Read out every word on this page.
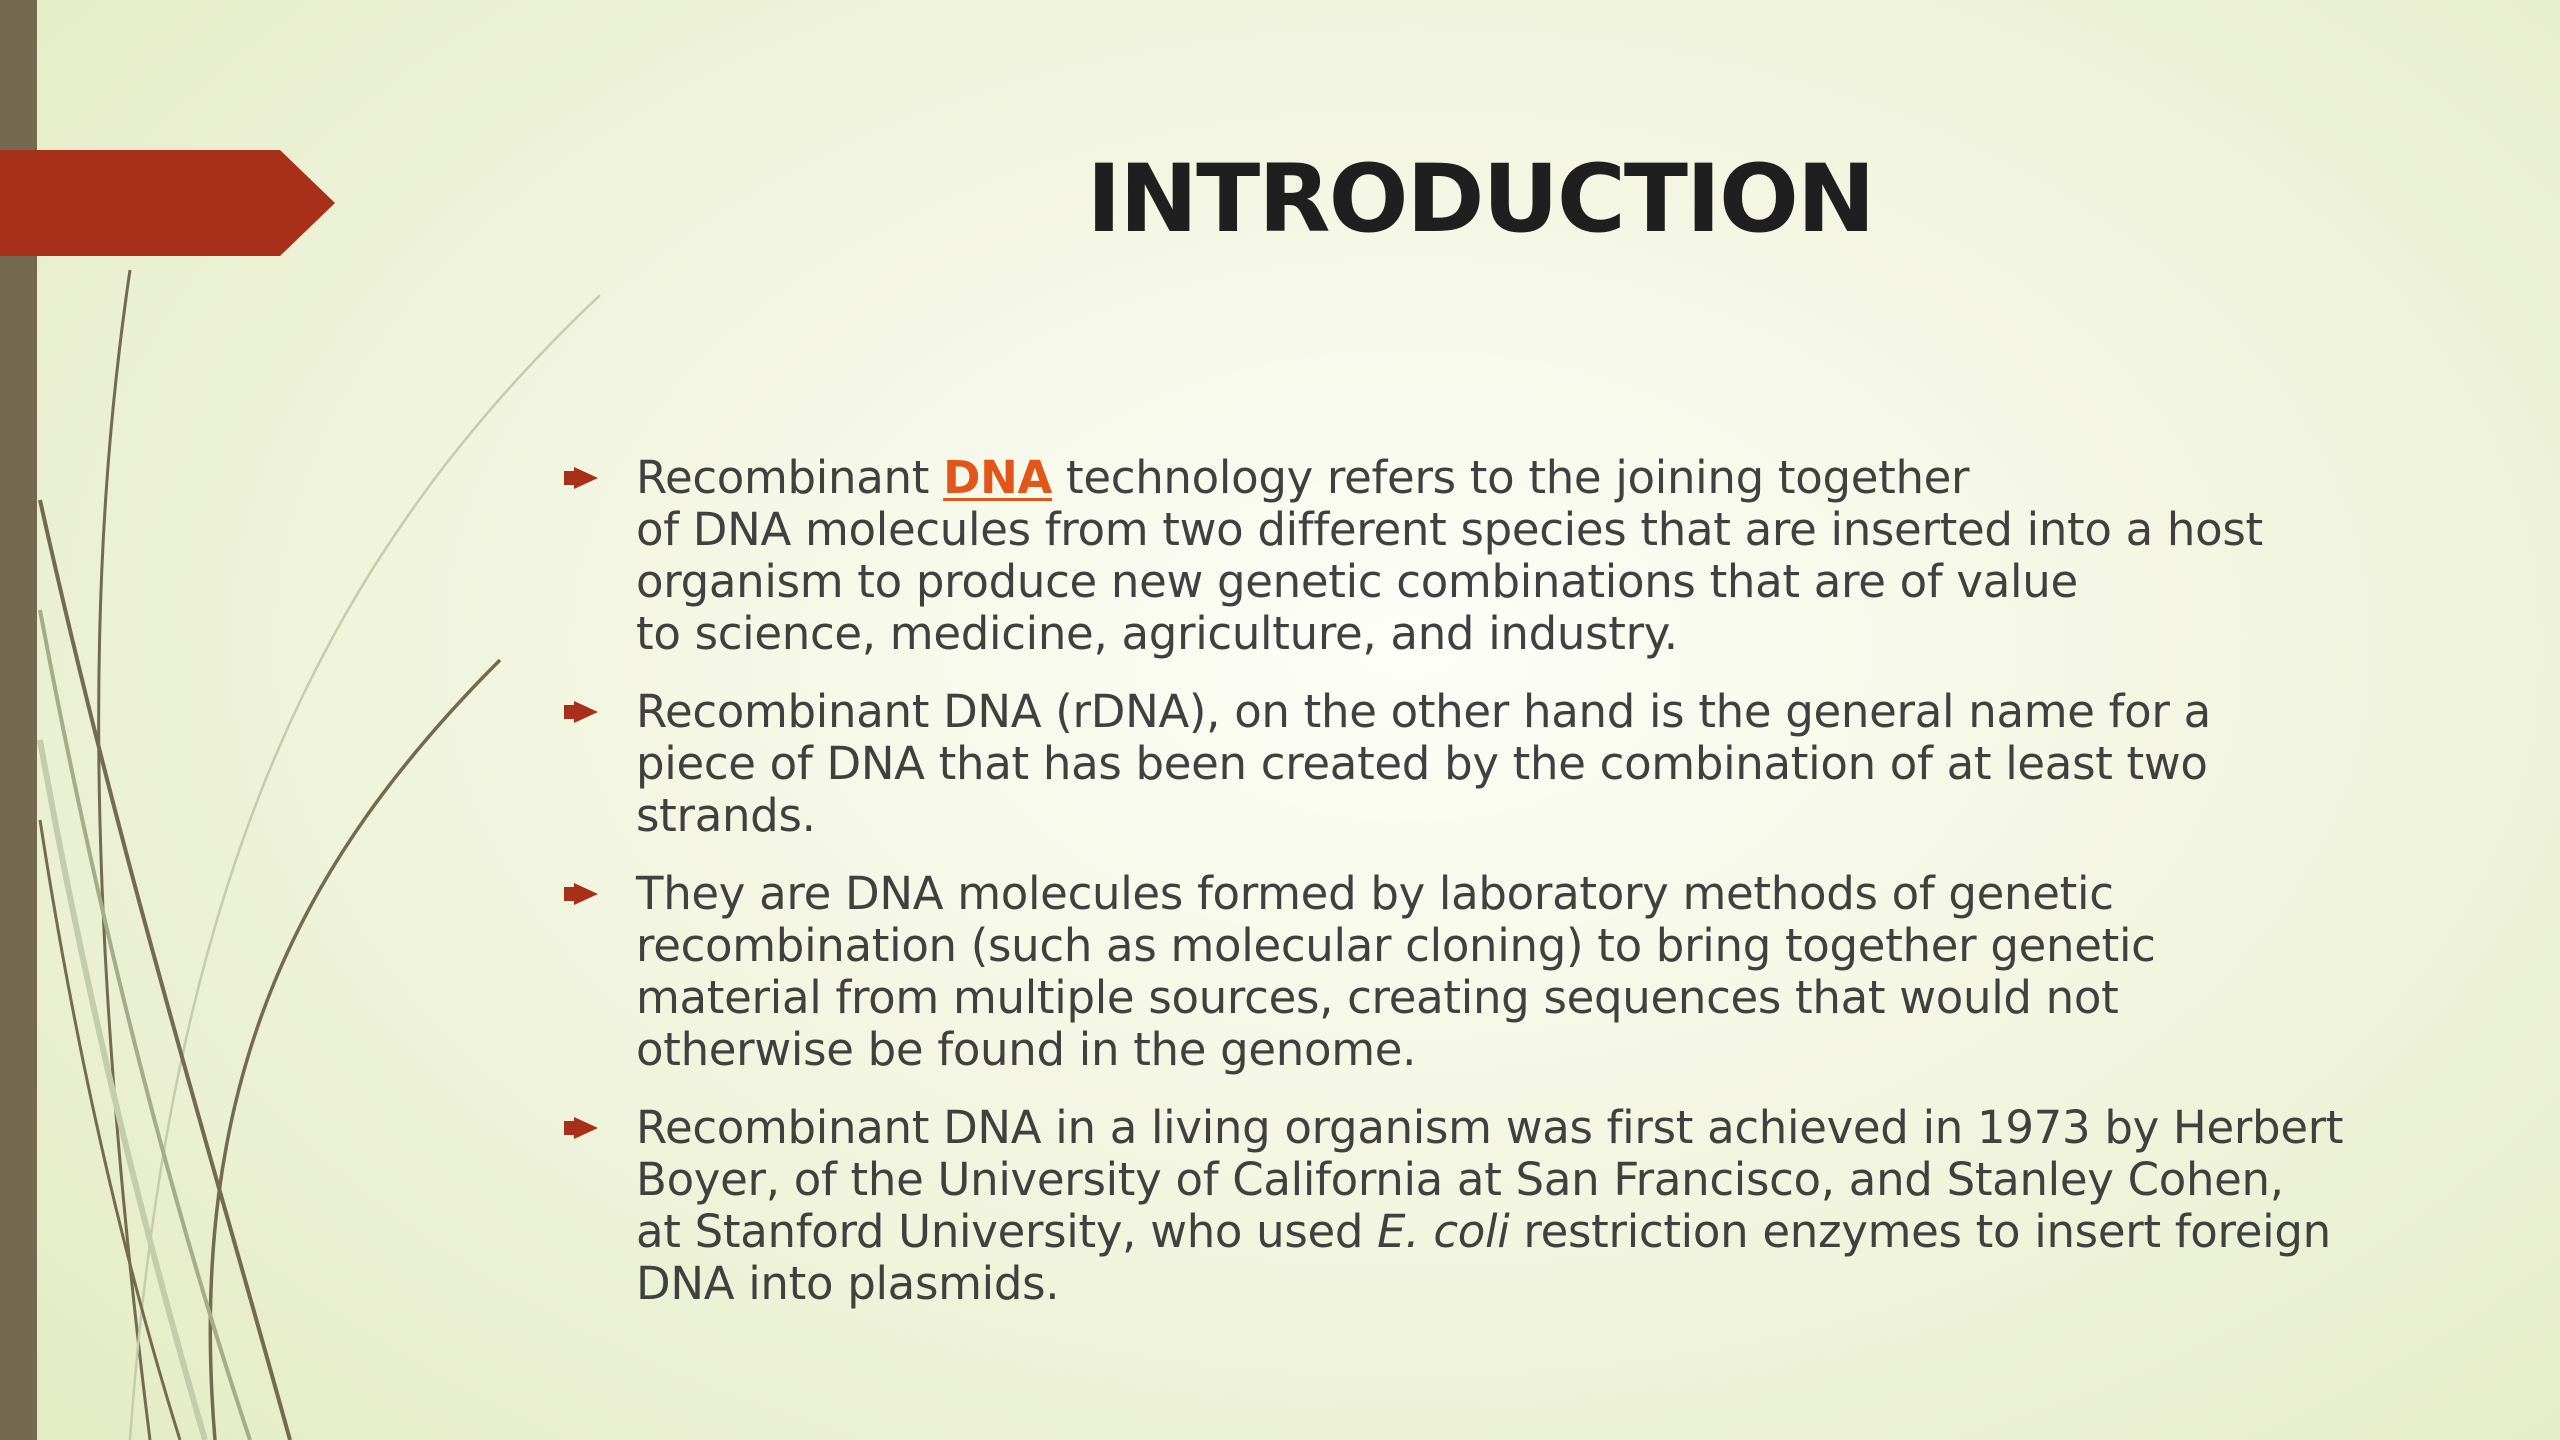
INTRODUCTION
Recombinant DNA technology refers to the joining together
of DNA molecules from two different species that are inserted into a host
organism to produce new genetic combinations that are of value
to science, medicine, agriculture, and industry.
Recombinant DNA (rDNA), on the other hand is the general name for a
piece of DNA that has been created by the combination of at least two
strands.
They are DNA molecules formed by laboratory methods of genetic
recombination (such as molecular cloning) to bring together genetic
material from multiple sources, creating sequences that would not
otherwise be found in the genome.
Recombinant DNA in a living organism was first achieved in 1973 by Herbert
Boyer, of the University of California at San Francisco, and Stanley Cohen,
at Stanford University, who used E. coli restriction enzymes to insert foreign
DNA into plasmids.
